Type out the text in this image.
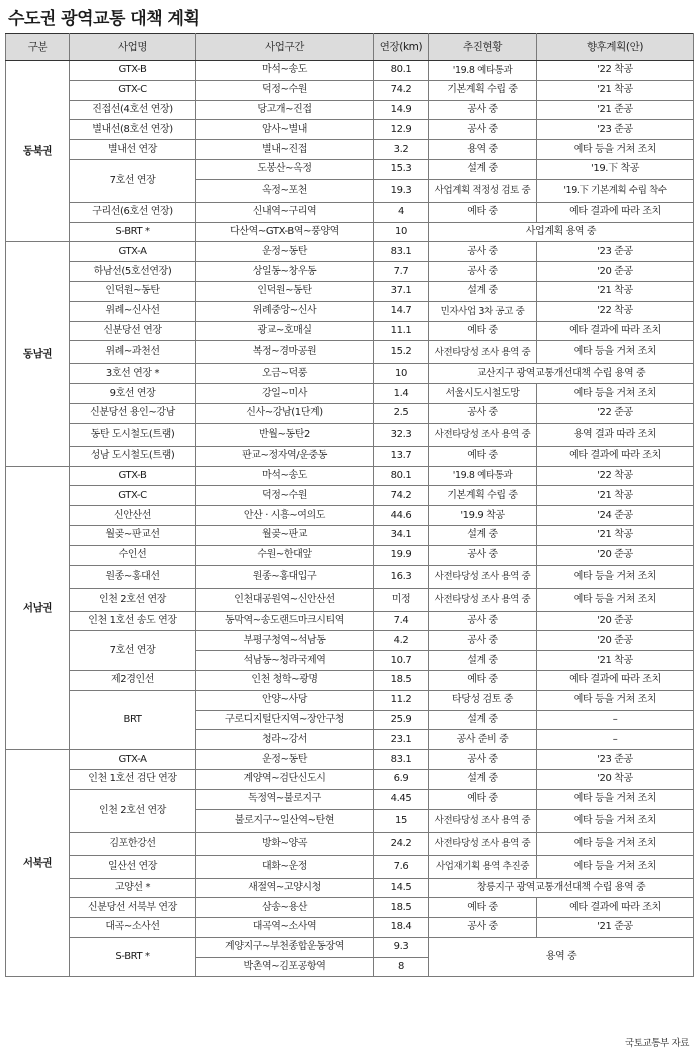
수도권 광역교통 대책 계획
구분	사업명	사업구간	연장(km)	추진현황	향후계획(안)
동북권	GTX-B	마석~송도	80.1	'19.8 예타통과	'22 착공
	GTX-C	덕정~수원	74.2	기본계획 수립 중	'21 착공
	진접선(4호선 연장)	당고개~진접	14.9	공사 중	'21 준공
	별내선(8호선 연장)	암사~별내	12.9	공사 중	'23 준공
	별내선 연장	별내~진접	3.2	용역 중	예타 등을 거쳐 조치
	7호선 연장	도봉산~옥정	15.3	설계 중	'19.下 착공
		옥정~포천	19.3	사업계획 적정성 검토 중	'19.下 기본계획 수립 착수
	구리선(6호선 연장)	신내역~구리역	4	예타 중	예타 결과에 따라 조치
	S-BRT *	다산역~GTX-B역~풍양역	10	사업계획 용역 중	
동남권	GTX-A	운정~동탄	83.1	공사 중	'23 준공
	하남선(5호선연장)	상일동~창우동	7.7	공사 중	'20 준공
	인덕원~동탄	인덕원~동탄	37.1	설계 중	'21 착공
	위례~신사선	위례중앙~신사	14.7	민자사업 3차 공고 중	'22 착공
	신분당선 연장	광교~호매실	11.1	예타 중	예타 결과에 따라 조치
	위례~과천선	복정~경마공원	15.2	사전타당성 조사 용역 중	예타 등을 거쳐 조치
	3호선 연장 *	오금~덕풍	10	교산지구 광역교통개선대책 수립 용역 중	
	9호선 연장	강일~미사	1.4	서울시도시철도망	예타 등을 거쳐 조치
	신분당선 용인~강남	신사~강남(1단계)	2.5	공사 중	'22 준공
	동탄 도시철도(트램)	반월~동탄2	32.3	사전타당성 조사 용역 중	용역 결과 따라 조치
	성남 도시철도(트램)	판교~정자역/운중동	13.7	예타 중	예타 결과에 따라 조치
서남권	GTX-B	마석~송도	80.1	'19.8 예타통과	'22 착공
	GTX-C	덕정~수원	74.2	기본계획 수립 중	'21 착공
	신안산선	안산 · 시흥~여의도	44.6	'19.9 착공	'24 준공
	월곶~판교선	월곶~판교	34.1	설계 중	'21 착공
	수인선	수원~한대앞	19.9	공사 중	'20 준공
	원종~홍대선	원종~홍대입구	16.3	사전타당성 조사 용역 중	예타 등을 거쳐 조치
	인천 2호선 연장	인천대공원역~신안산선	미정	사전타당성 조사 용역 중	예타 등을 거쳐 조치
	인천 1호선 송도 연장	동막역~송도랜드마크시티역	7.4	공사 중	'20 준공
	7호선 연장	부평구청역~석남동	4.2	공사 중	'20 준공
		석남동~청라국제역	10.7	설계 중	'21 착공
	제2경인선	인천 청학~광명	18.5	예타 중	예타 결과에 따라 조치
	BRT	안양~사당	11.2	타당성 검토 중	예타 등을 거쳐 조치
		구로디지털단지역~장안구청	25.9	설계 중	–
		청라~강서	23.1	공사 준비 중	–
서북권	GTX-A	운정~동탄	83.1	공사 중	'23 준공
	인천 1호선 검단 연장	계양역~검단신도시	6.9	설계 중	'20 착공
	인천 2호선 연장	독정역~불로지구	4.45	예타 중	예타 등을 거쳐 조치
		불로지구~일산역~탄현	15	사전타당성 조사 용역 중	예타 등을 거쳐 조치
	김포한강선	방화~양곡	24.2	사전타당성 조사 용역 중	예타 등을 거쳐 조치
	일산선 연장	대화~운정	7.6	사업재기획 용역 추진중	예타 등을 거쳐 조치
	고양선 *	새절역~고양시청	14.5	창릉지구 광역교통개선대책 수립 용역 중	
	신분당선 서북부 연장	삼송~용산	18.5	예타 중	예타 결과에 따라 조치
	대곡~소사선	대곡역~소사역	18.4	공사 중	'21 준공
	S-BRT *	계양지구~부천종합운동장역	9.3	용역 중	
		박촌역~김포공항역	8		
국토교통부 자료
